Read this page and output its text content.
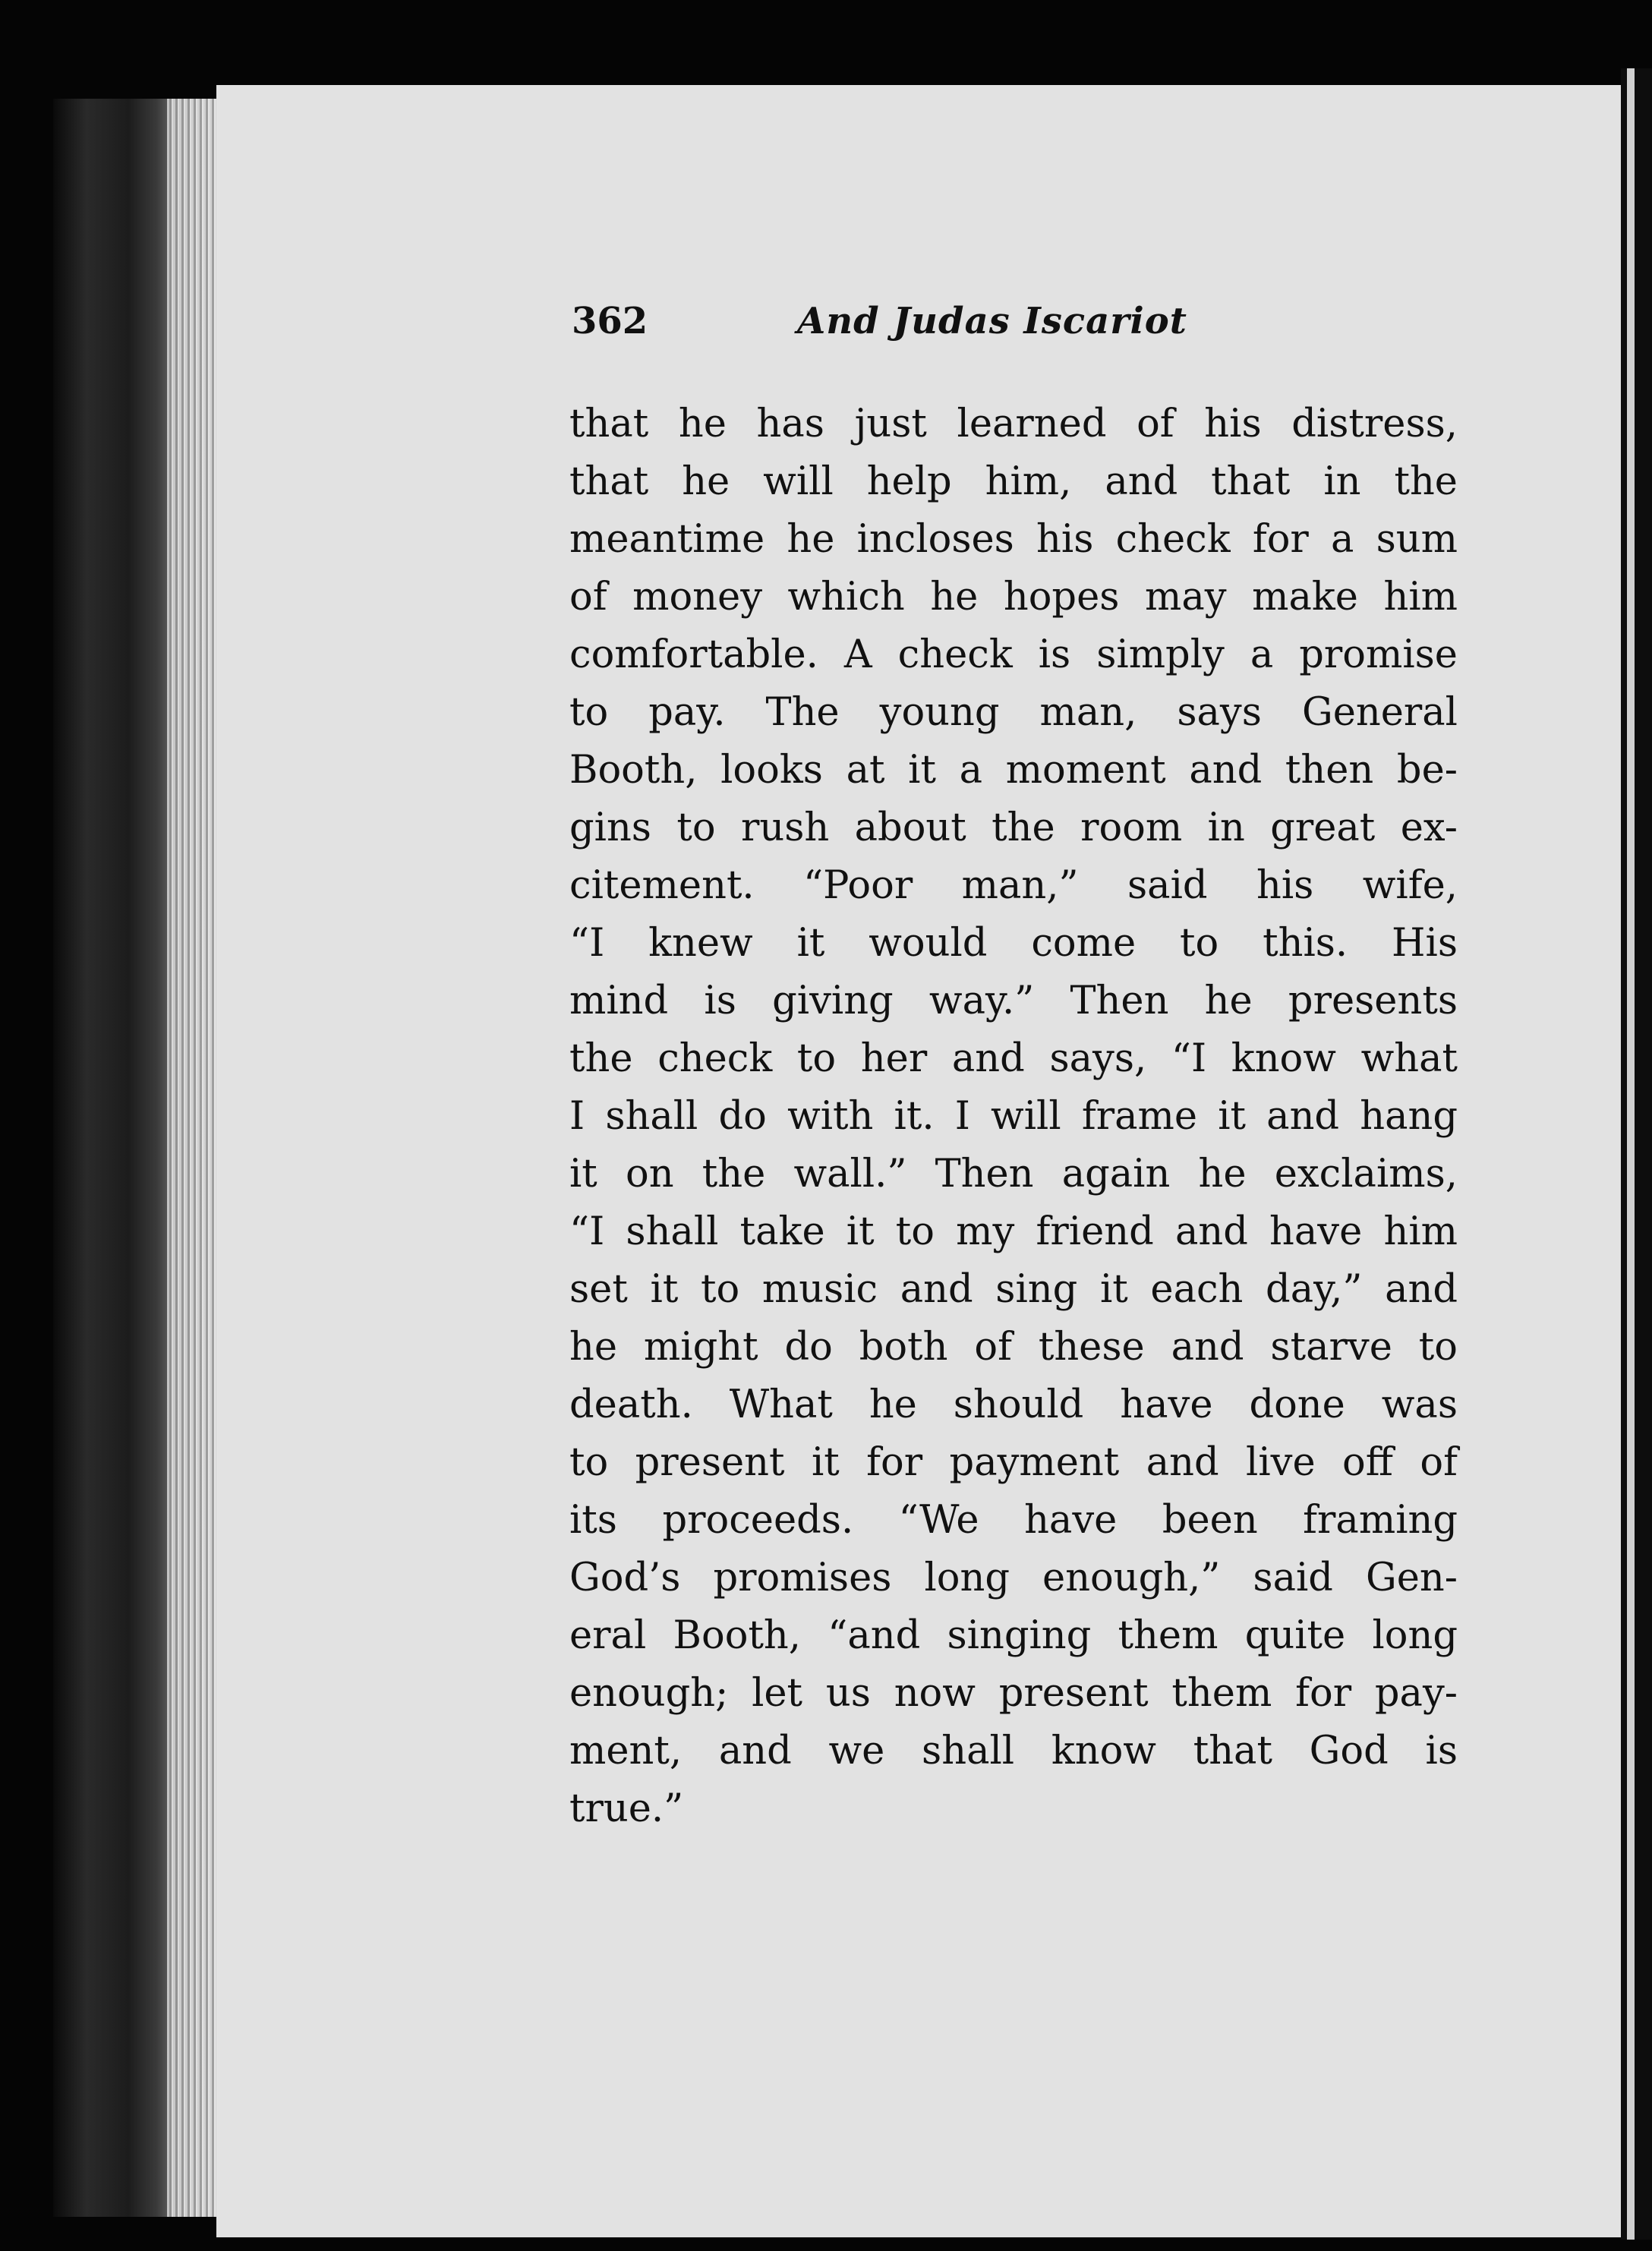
362	And Judas Iscariot
that he has just learned of his distress,
that he will help him, and that in the
meantime he incloses his check for a sum
of money which he hopes may make him
comfortable. A check is simply a promise
to pay. The young man, says General
Booth, looks at it a moment and then be-
gins to rush about the room in great ex-
citement. “Poor man,” said his wife,
“I knew it would come to this. His
mind is giving way.” Then he presents
the check to her and says, “I know what
I shall do with it. I will frame it and hang
it on the wall.” Then again he exclaims,
“I shall take it to my friend and have him
set it to music and sing it each day,” and
he might do both of these and starve to
death. What he should have done was
to present it for payment and live off of
its proceeds. “We have been framing
God’s promises long enough,” said Gen-
eral Booth, “and singing them quite long
enough; let us now present them for pay-
ment, and we shall know that God is
true.”
